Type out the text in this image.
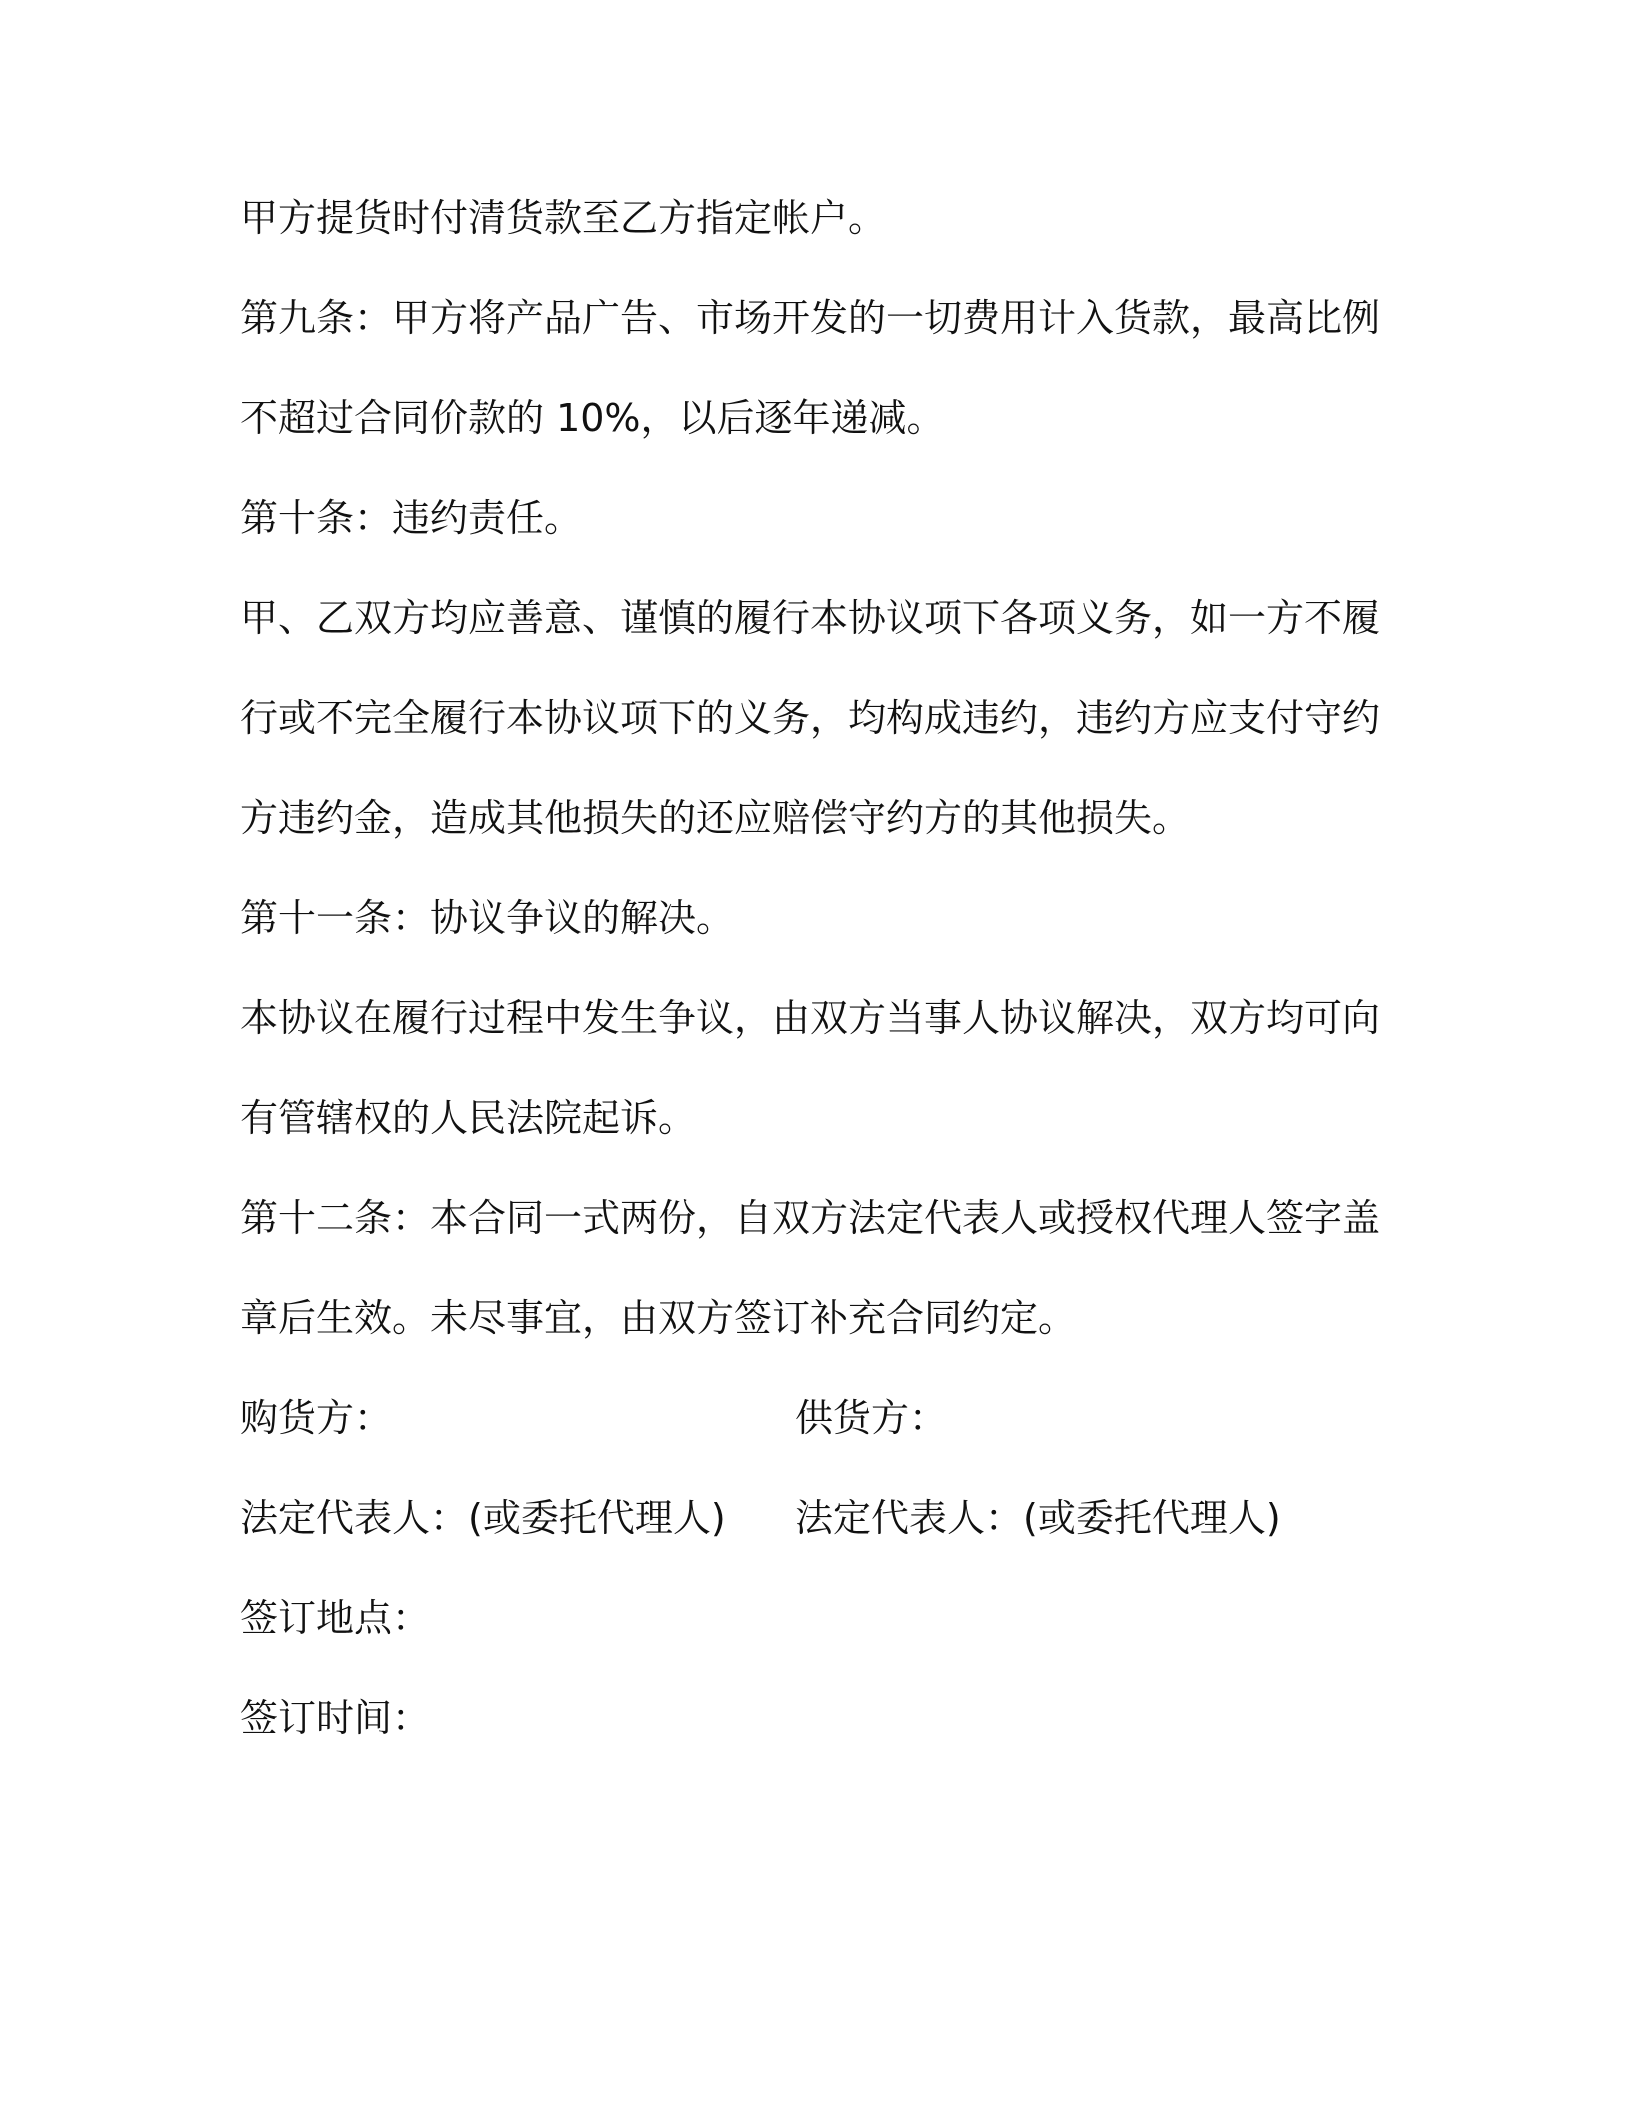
甲方提货时付清货款至乙方指定帐户。
第九条：甲方将产品广告、市场开发的一切费用计入货款，最高比例
不超过合同价款的 10%，以后逐年递减。
第十条：违约责任。
甲、乙双方均应善意、谨慎的履行本协议项下各项义务，如一方不履
行或不完全履行本协议项下的义务，均构成违约，违约方应支付守约
方违约金，造成其他损失的还应赔偿守约方的其他损失。
第十一条：协议争议的解决。
本协议在履行过程中发生争议，由双方当事人协议解决，双方均可向
有管辖权的人民法院起诉。
第十二条：本合同一式两份，自双方法定代表人或授权代理人签字盖
章后生效。未尽事宜，由双方签订补充合同约定。
购货方：	供货方：
法定代表人：(或委托代理人)	法定代表人：(或委托代理人)
签订地点：
签订时间：
